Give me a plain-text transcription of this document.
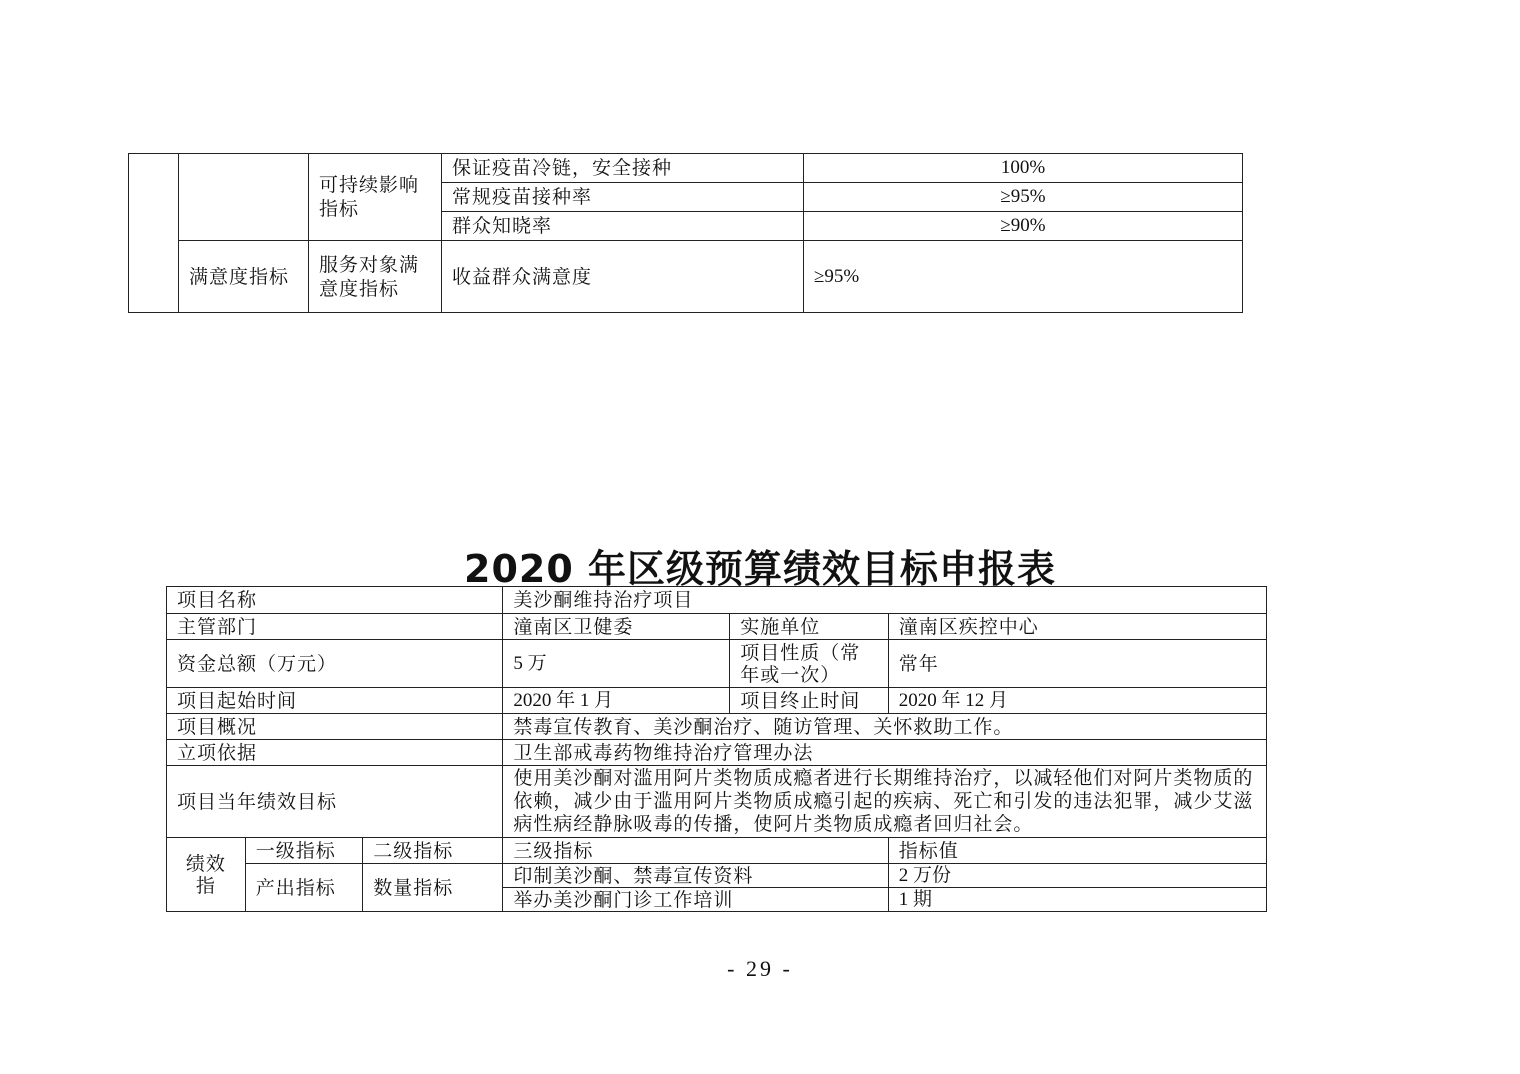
		可持续影响指标	保证疫苗冷链，安全接种	100%
			常规疫苗接种率	≥95%
			群众知晓率	≥90%
	满意度指标	服务对象满意度指标	收益群众满意度	≥95%
2020 年区级预算绩效目标申报表
项目名称			美沙酮维持治疗项目		
主管部门			潼南区卫健委	实施单位	潼南区疾控中心
资金总额（万元）			5 万	项目性质（常年或一次）	常年
项目起始时间			2020 年 1 月	项目终止时间	2020 年 12 月
项目概况			禁毒宣传教育、美沙酮治疗、随访管理、关怀救助工作。		
立项依据			卫生部戒毒药物维持治疗管理办法		
项目当年绩效目标			使用美沙酮对滥用阿片类物质成瘾者进行长期维持治疗，以减轻他们对阿片类物质的依赖，减少由于滥用阿片类物质成瘾引起的疾病、死亡和引发的违法犯罪，减少艾滋病性病经静脉吸毒的传播，使阿片类物质成瘾者回归社会。		
绩效指	一级指标	二级指标	三级指标		指标值
	产出指标	数量指标	印制美沙酮、禁毒宣传资料		2 万份
			举办美沙酮门诊工作培训		1 期
- 29 -
